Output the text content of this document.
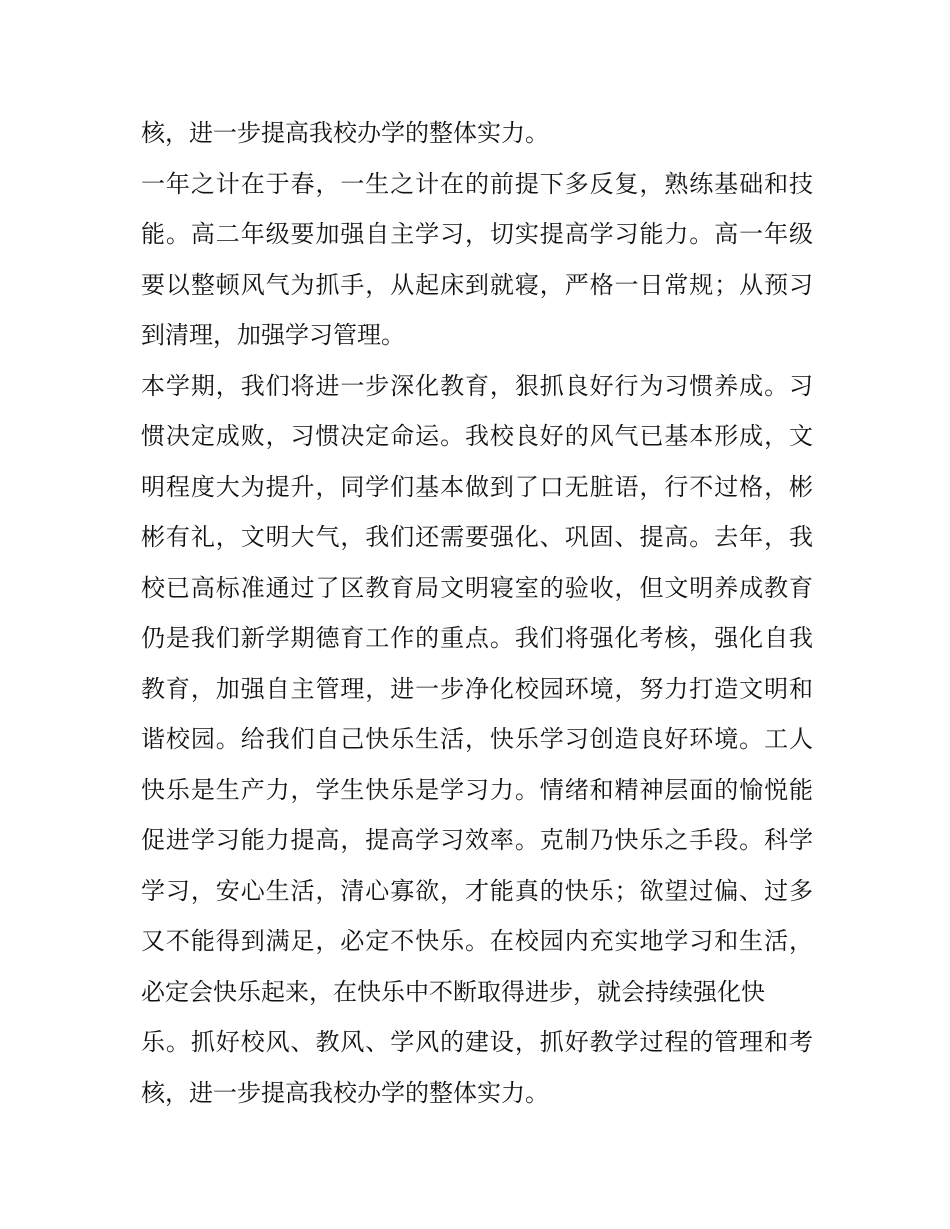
核，进一步提高我校办学的整体实力。
一年之计在于春，一生之计在的前提下多反复，熟练基础和技
能。高二年级要加强自主学习，切实提高学习能力。高一年级
要以整顿风气为抓手，从起床到就寝，严格一日常规；从预习
到清理，加强学习管理。
本学期，我们将进一步深化教育，狠抓良好行为习惯养成。习
惯决定成败，习惯决定命运。我校良好的风气已基本形成，文
明程度大为提升，同学们基本做到了口无脏语，行不过格，彬
彬有礼，文明大气，我们还需要强化、巩固、提高。去年，我
校已高标准通过了区教育局文明寝室的验收，但文明养成教育
仍是我们新学期德育工作的重点。我们将强化考核，强化自我
教育，加强自主管理，进一步净化校园环境，努力打造文明和
谐校园。给我们自己快乐生活，快乐学习创造良好环境。工人
快乐是生产力，学生快乐是学习力。情绪和精神层面的愉悦能
促进学习能力提高，提高学习效率。克制乃快乐之手段。科学
学习，安心生活，清心寡欲，才能真的快乐；欲望过偏、过多
又不能得到满足，必定不快乐。在校园内充实地学习和生活，
必定会快乐起来，在快乐中不断取得进步，就会持续强化快
乐。抓好校风、教风、学风的建设，抓好教学过程的管理和考
核，进一步提高我校办学的整体实力。
